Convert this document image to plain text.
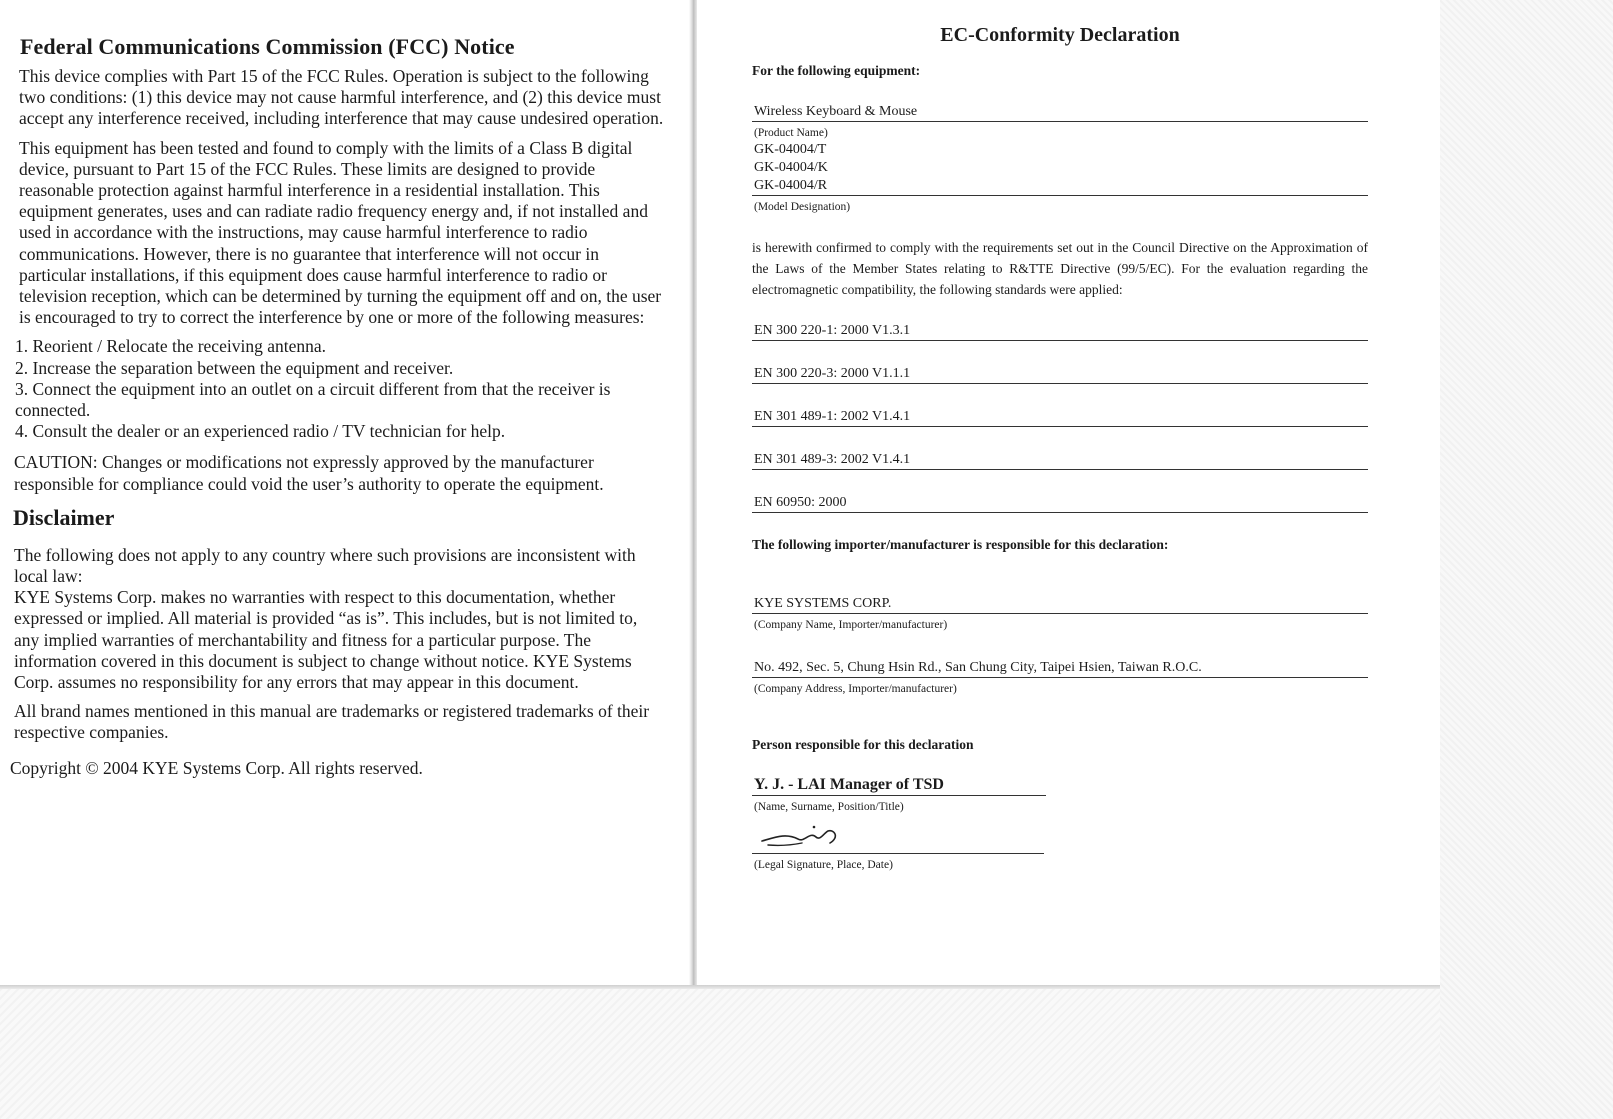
Federal Communications Commission (FCC) Notice

This device complies with Part 15 of the FCC Rules. Operation is subject to the following two conditions: (1) this device may not cause harmful interference, and (2) this device must accept any interference received, including interference that may cause undesired operation.

This equipment has been tested and found to comply with the limits of a Class B digital device, pursuant to Part 15 of the FCC Rules. These limits are designed to provide reasonable protection against harmful interference in a residential installation. This equipment generates, uses and can radiate radio frequency energy and, if not installed and used in accordance with the instructions, may cause harmful interference to radio communications. However, there is no guarantee that interference will not occur in particular installations, if this equipment does cause harmful interference to radio or television reception, which can be determined by turning the equipment off and on, the user is encouraged to try to correct the interference by one or more of the following measures:

1. Reorient / Relocate the receiving antenna.
2. Increase the separation between the equipment and receiver.
3. Connect the equipment into an outlet on a circuit different from that the receiver is connected.
4. Consult the dealer or an experienced radio / TV technician for help.

CAUTION: Changes or modifications not expressly approved by the manufacturer responsible for compliance could void the user’s authority to operate the equipment.

Disclaimer

The following does not apply to any country where such provisions are inconsistent with local law:

KYE Systems Corp. makes no warranties with respect to this documentation, whether expressed or implied. All material is provided “as is”. This includes, but is not limited to, any implied warranties of merchantability and fitness for a particular purpose. The information covered in this document is subject to change without notice. KYE Systems Corp. assumes no responsibility for any errors that may appear in this document.

All brand names mentioned in this manual are trademarks or registered trademarks of their respective companies.

Copyright © 2004 KYE Systems Corp. All rights reserved.

EC-Conformity Declaration
For the following equipment:
Wireless Keyboard & Mouse
(Product Name)
GK-04004/T
GK-04004/K
GK-04004/R
(Model Designation)

is herewith confirmed to comply with the requirements set out in the Council Directive on the Approximation of the Laws of the Member States relating to R&TTE Directive (99/5/EC). For the evaluation regarding the electromagnetic compatibility, the following standards were applied:

EN 300 220-1: 2000 V1.3.1
EN 300 220-3: 2000 V1.1.1
EN 301 489-1: 2002 V1.4.1
EN 301 489-3: 2002 V1.4.1
EN 60950: 2000
The following importer/manufacturer is responsible for this declaration:
KYE SYSTEMS CORP.
(Company Name, Importer/manufacturer)
No. 492, Sec. 5, Chung Hsin Rd., San Chung City, Taipei Hsien, Taiwan R.O.C.
(Company Address, Importer/manufacturer)
Person responsible for this declaration
Y. J. - LAI Manager of TSD
(Name, Surname, Position/Title)
(Legal Signature, Place, Date)
